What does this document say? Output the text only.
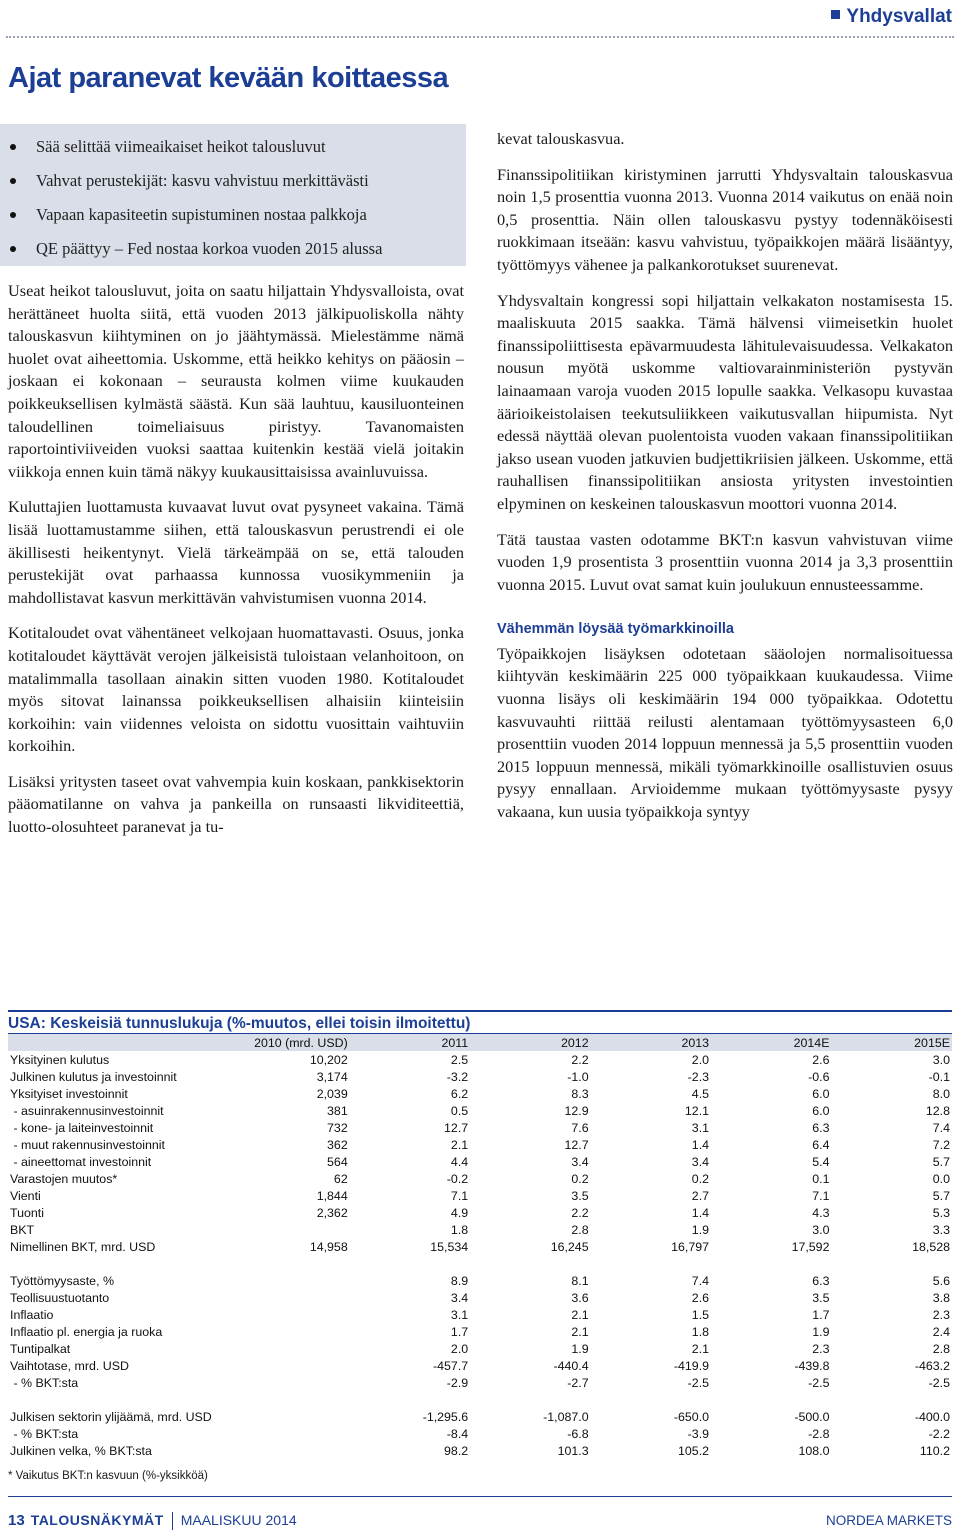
Yhdysvallat
Ajat paranevat kevään koittaessa
Sää selittää viimeaikaiset heikot talousluvut
Vahvat perustekijät: kasvu vahvistuu merkittävästi
Vapaan kapasiteetin supistuminen nostaa palkkoja
QE päättyy – Fed nostaa korkoa vuoden 2015 alussa

Useat heikot talousluvut, joita on saatu hiljattain Yhdysvalloista, ovat herättäneet huolta siitä, että vuoden 2013 jälkipuoliskolla nähty talouskasvun kiihtyminen on jo jäähtymässä. Mielestämme nämä huolet ovat aiheettomia. Uskomme, että heikko kehitys on pääosin – joskaan ei kokonaan – seurausta kolmen viime kuukauden poikkeuksellisen kylmästä säästä. Kun sää lauhtuu, kausiluonteinen taloudellinen toimeliaisuus piristyy. Tavanomaisten raportointiviiveiden vuoksi saattaa kuitenkin kestää vielä joitakin viikkoja ennen kuin tämä näkyy kuukausittaisissa avainluvuissa.

Kuluttajien luottamusta kuvaavat luvut ovat pysyneet vakaina. Tämä lisää luottamustamme siihen, että talouskasvun perustrendi ei ole äkillisesti heikentynyt. Vielä tärkeämpää on se, että talouden perustekijät ovat parhaassa kunnossa vuosikymmeniin ja mahdollistavat kasvun merkittävän vahvistumisen vuonna 2014.

Kotitaloudet ovat vähentäneet velkojaan huomattavasti. Osuus, jonka kotitaloudet käyttävät verojen jälkeisistä tuloistaan velanhoitoon, on matalimmalla tasollaan ainakin sitten vuoden 1980. Kotitaloudet myös sitovat lainanssa poikkeuksellisen alhaisiin kiinteisiin korkoihin: vain viidennes veloista on sidottu vuosittain vaihtuviin korkoihin.

Lisäksi yritysten taseet ovat vahvempia kuin koskaan, pankkisektorin pääomatilanne on vahva ja pankeilla on runsaasti likviditeettiä, luotto-olosuhteet paranevat ja tu-

kevat talouskasvua.

Finanssipolitiikan kiristyminen jarrutti Yhdysvaltain talouskasvua noin 1,5 prosenttia vuonna 2013. Vuonna 2014 vaikutus on enää noin 0,5 prosenttia. Näin ollen talouskasvu pystyy todennäköisesti ruokkimaan itseään: kasvu vahvistuu, työpaikkojen määrä lisääntyy, työttömyys vähenee ja palkankorotukset suurenevat.

Yhdysvaltain kongressi sopi hiljattain velkakaton nostamisesta 15. maaliskuuta 2015 saakka. Tämä hälvensi viimeisetkin huolet finanssipoliittisesta epävarmuudesta lähitulevaisuudessa. Velkakaton nousun myötä uskomme valtiovarainministeriön pystyvän lainaamaan varoja vuoden 2015 lopulle saakka. Velkasopu kuvastaa äärioikeistolaisen teekutsuliikkeen vaikutusvallan hiipumista. Nyt edessä näyttää olevan puolentoista vuoden vakaan finanssipolitiikan jakso usean vuoden jatkuvien budjettikriisien jälkeen. Uskomme, että rauhallisen finanssipolitiikan ansiosta yritysten investointien elpyminen on keskeinen talouskasvun moottori vuonna 2014.

Tätä taustaa vasten odotamme BKT:n kasvun vahvistuvan viime vuoden 1,9 prosentista 3 prosenttiin vuonna 2014 ja 3,3 prosenttiin vuonna 2015. Luvut ovat samat kuin joulukuun ennusteessamme.

Vähemmän löysää työmarkkinoilla

Työpaikkojen lisäyksen odotetaan sääolojen normalisoituessa kiihtyvän keskimäärin 225 000 työpaikkaan kuukaudessa. Viime vuonna lisäys oli keskimäärin 194 000 työpaikkaa. Odotettu kasvuvauhti riittää reilusti alentamaan työttömyysasteen 6,0 prosenttiin vuoden 2014 loppuun mennessä ja 5,5 prosenttiin vuoden 2015 loppuun mennessä, mikäli työmarkkinoille osallistuvien osuus pysyy ennallaan. Arvioidemme mukaan työttömyysaste pysyy vakaana, kun uusia työpaikkoja syntyy

USA: Keskeisiä tunnuslukuja (%-muutos, ellei toisin ilmoitettu)
	2010 (mrd. USD)	2011	2012	2013	2014E	2015E
Yksityinen kulutus	10,202	2.5	2.2	2.0	2.6	3.0
Julkinen kulutus ja investoinnit	3,174	-3.2	-1.0	-2.3	-0.6	-0.1
Yksityiset investoinnit	2,039	6.2	8.3	4.5	6.0	8.0
- asuinrakennusinvestoinnit	381	0.5	12.9	12.1	6.0	12.8
- kone- ja laiteinvestoinnit	732	12.7	7.6	3.1	6.3	7.4
- muut rakennusinvestoinnit	362	2.1	12.7	1.4	6.4	7.2
- aineettomat investoinnit	564	4.4	3.4	3.4	5.4	5.7
Varastojen muutos*	62	-0.2	0.2	0.2	0.1	0.0
Vienti	1,844	7.1	3.5	2.7	7.1	5.7
Tuonti	2,362	4.9	2.2	1.4	4.3	5.3
BKT		1.8	2.8	1.9	3.0	3.3
Nimellinen BKT, mrd. USD	14,958	15,534	16,245	16,797	17,592	18,528

Työttömyysaste, %		8.9	8.1	7.4	6.3	5.6
Teollisuustuotanto		3.4	3.6	2.6	3.5	3.8
Inflaatio		3.1	2.1	1.5	1.7	2.3
Inflaatio pl. energia ja ruoka		1.7	2.1	1.8	1.9	2.4
Tuntipalkat		2.0	1.9	2.1	2.3	2.8
Vaihtotase, mrd. USD		-457.7	-440.4	-419.9	-439.8	-463.2
- % BKT:sta		-2.9	-2.7	-2.5	-2.5	-2.5

Julkisen sektorin ylijäämä, mrd. USD		-1,295.6	-1,087.0	-650.0	-500.0	-400.0
- % BKT:sta		-8.4	-6.8	-3.9	-2.8	-2.2
Julkinen velka, % BKT:sta		98.2	101.3	105.2	108.0	110.2
* Vaikutus BKT:n kasvuun (%-yksikköä)
13 TALOUSNÄKYMÄT MAALISKUU 2014	NORDEA MARKETS
